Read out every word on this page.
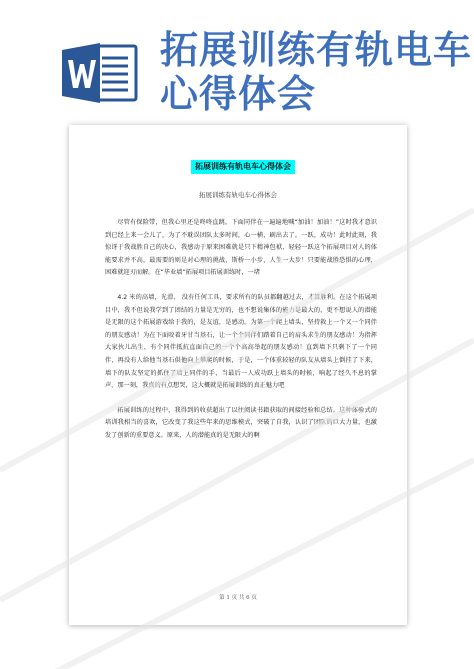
拓展训练有轨电车
心得体会
拓展训练有轨电车心得体会
拓展训练有轨电车心得体会

尽管有保险带，但我心里还是咚咚直跳。下面同伴在一遍遍地喊“加油！加油！”这时我才意识到已经上来一会儿了，为了不耽误团队太多时间，心一横，刷出去了。一跃，成功！此时此刻，我惊讶于我战胜自己的决心，我感动于原来困难就是只下精神包袱，轻轻一跃这个拓展项目对人的体能要求并不高，最需要的则是对心理的挑战，斯桥一小步，人生一大步！只要能战胜恐惧的心理，困难就迎刃而解。在“毕业墙”拓展项目拓展训练时，一堵

4.2 米的高墙，光滑、 没有任何工具，要求所有的队员都翻越过去，才算胜利。在这个拓展项目中，我不但说我学到了团结的力量是无穷的，也不想说集体的能力是最大的，更不想说人的潜能是无限的这个拓展游戏给于我的，是友谊，是感动。为第一个爬上墙头，坚持救上一个又一个同伴的朋友感动！为在下面咬着牙甘当基石，让一个个同伴们踏着自己的肩头求生的朋友感动！为指挥大家伙儿出生，有个同伴抵抗直面自己的一个个高高举起的朋友感动！直到墙下只剩下了一个同伴，再没有人给他当基石供他向上攀爬的时候，于是，一个体重较轻的队友从墙头上倒挂了下来，墙下的队友坚定的抓住了墙上同伴的手，当最后一人成功跃上墙头的时候，响起了经久不息的掌声，那一刻，我真的有点想哭，这大概就是拓展训练的真正魅力吧

拓展训练的过程中，我得到的收获超出了以往阅读书籍获取的间接经验和总结。这种体验式的培训我相当的喜欢，它改变了我这些年来的思维模式，突破了自我，认识了团队的巨大力量，也激发了创新的重要意义。原来，人的潜能真的是无限大的啊

第 1 页 共 6 页
